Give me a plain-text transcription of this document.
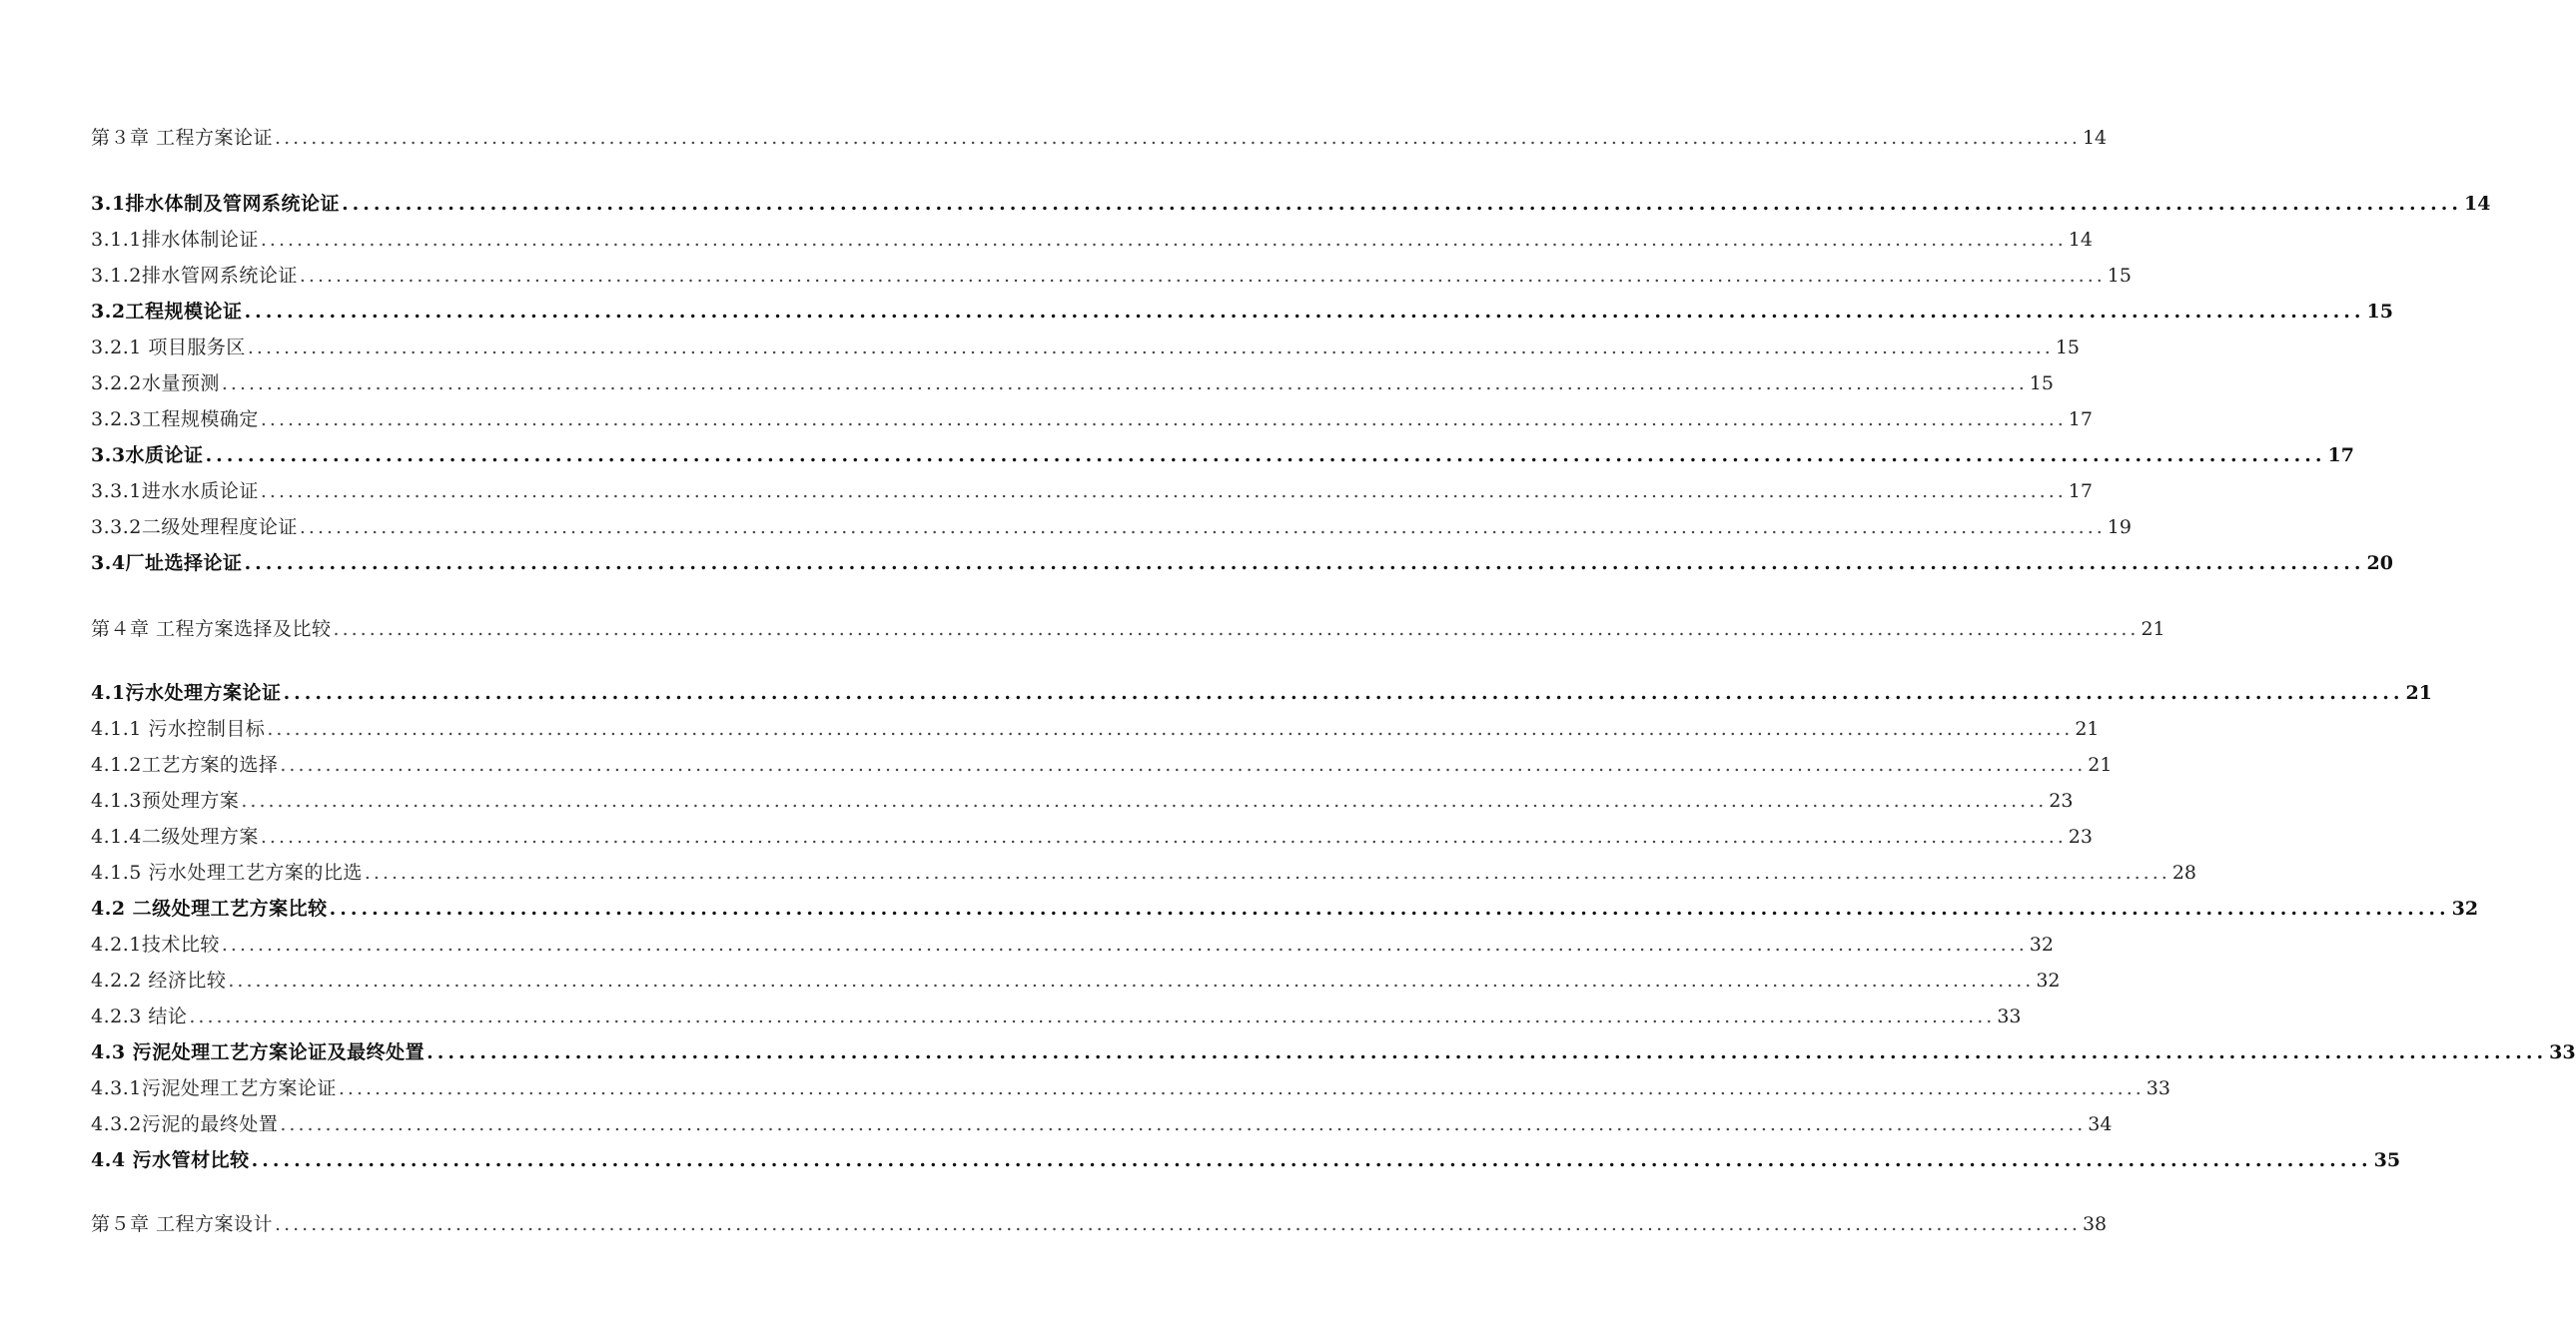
第３章 工程方案论证 ........................................................................................................................................................................................................ 14
3.1排水体制及管网系统论证 ........................................................................................................................................................................................................ 14
3.1.1排水体制论证 ........................................................................................................................................................................................................ 14
3.1.2排水管网系统论证 ........................................................................................................................................................................................................ 15
3.2工程规模论证 ........................................................................................................................................................................................................ 15
3.2.1 项目服务区 ........................................................................................................................................................................................................ 15
3.2.2水量预测 ........................................................................................................................................................................................................ 15
3.2.3工程规模确定 ........................................................................................................................................................................................................ 17
3.3水质论证 ........................................................................................................................................................................................................ 17
3.3.1进水水质论证 ........................................................................................................................................................................................................ 17
3.3.2二级处理程度论证 ........................................................................................................................................................................................................ 19
3.4厂址选择论证 ........................................................................................................................................................................................................ 20
第４章 工程方案选择及比较 ........................................................................................................................................................................................................ 21
4.1污水处理方案论证 ........................................................................................................................................................................................................ 21
4.1.1 污水控制目标 ........................................................................................................................................................................................................ 21
4.1.2工艺方案的选择 ........................................................................................................................................................................................................ 21
4.1.3预处理方案 ........................................................................................................................................................................................................ 23
4.1.4二级处理方案 ........................................................................................................................................................................................................ 23
4.1.5 污水处理工艺方案的比选 ........................................................................................................................................................................................................ 28
4.2 二级处理工艺方案比较 ........................................................................................................................................................................................................ 32
4.2.1技术比较 ........................................................................................................................................................................................................ 32
4.2.2 经济比较 ........................................................................................................................................................................................................ 32
4.2.3 结论 ........................................................................................................................................................................................................ 33
4.3 污泥处理工艺方案论证及最终处置 ........................................................................................................................................................................................................ 33
4.3.1污泥处理工艺方案论证 ........................................................................................................................................................................................................ 33
4.3.2污泥的最终处置 ........................................................................................................................................................................................................ 34
4.4 污水管材比较 ........................................................................................................................................................................................................ 35
第５章 工程方案设计 ........................................................................................................................................................................................................ 38
